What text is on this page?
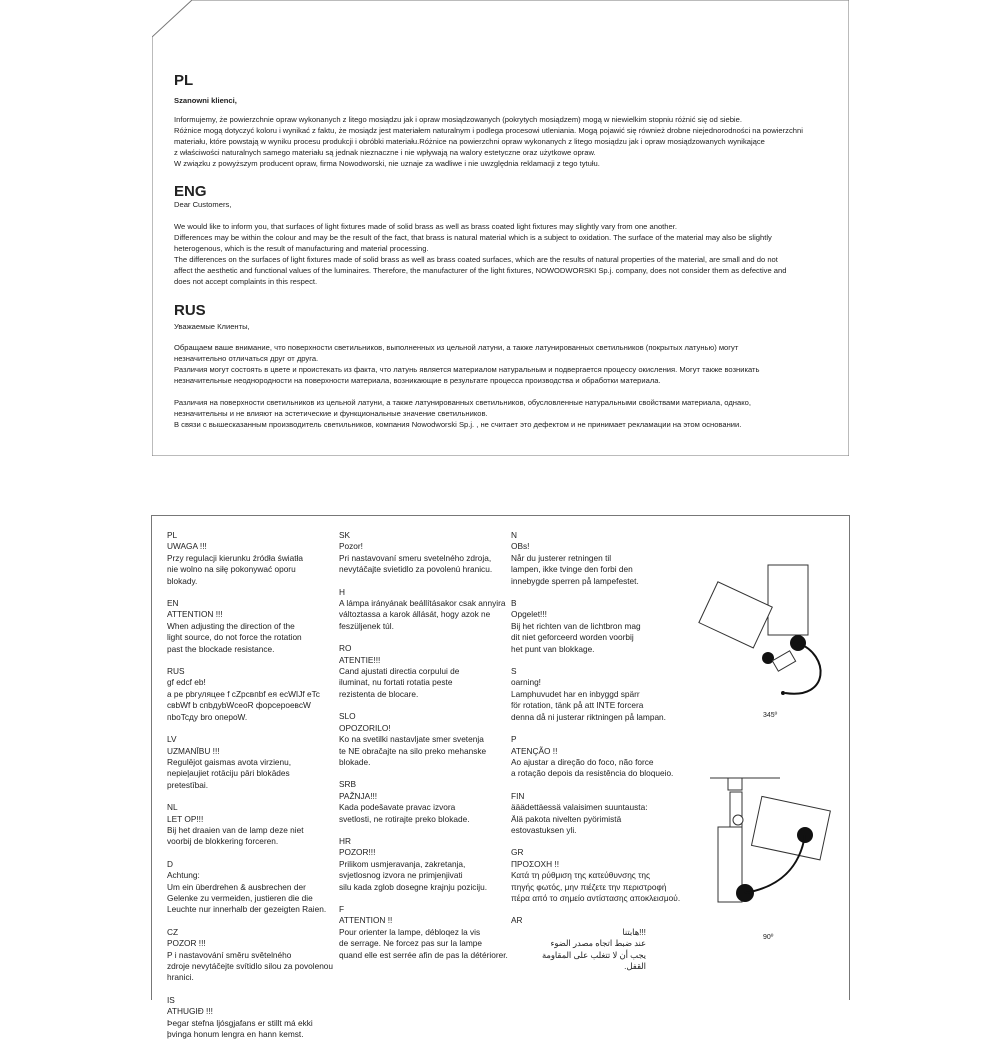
PL
Szanowni klienci,
Informujemy, że powierzchnie opraw wykonanych z litego mosiądzu jak i opraw mosiądzowanych (pokrytych mosiądzem) mogą w niewielkim stopniu różnić się od siebie.
Różnice mogą dotyczyć koloru i wynikać z faktu, że mosiądz jest materiałem naturalnym i podlega procesowi utleniania. Mogą pojawić się również drobne niejednorodności na powierzchni
materiału, które powstają w wyniku procesu produkcji i obróbki materiału.Różnice na powierzchni opraw wykonanych z litego mosiądzu jak i opraw mosiądzowanych wynikające
z właściwości naturalnych samego materiału są jednak nieznaczne i nie wpływają na walory estetyczne oraz użytkowe opraw.
W związku z powyższym producent opraw, firma Nowodworski, nie uznaje za wadliwe i nie uwzględnia reklamacji z tego tytułu.
ENG
Dear Customers,
We would like to inform you, that surfaces of light fixtures made of solid brass as well as brass coated light fixtures may slightly vary from one another.
Differences may be within the colour and may be the result of the fact, that brass is natural material which is a subject to oxidation. The surface of the material may also be slightly
heterogenous, which is the result of manufacturing and material processing.
The differences on the surfaces of light fixtures made of solid brass as well as brass coated surfaces, which are the results of natural properties of the material, are small and do not
affect the aesthetic and functional values of the luminaires. Therefore, the manufacturer of the light fixtures, NOWODWORSKI Sp.j. company, does not consider them as defective and
does not accept complaints in this respect.
RUS
Уважаемые Клиенты,
Обращаем ваше внимание, что поверхности светильников, выполненных из цельной латуни, а также латунированных светильников (покрытых латунью) могут
незначительно отличаться друг от друга.
Различия могут состоять в цвете и проистекать из факта, что латунь является материалом натуральным и подвергается процессу окисления. Могут также возникать
незначительные неоднородности на поверхности материала, возникающие в результате процесса производства и обработки материала.
Различия на поверхности светильников из цельной латуни, а также латунированных светильников, обусловленные натуральными свойствами материала, однако,
незначительны и не влияют на эстетические и функциональные значение светильников.
В связи с вышесказанным производитель светильников, компания Nowodworski Sp.j. , не считает это дефектом и не принимает рекламации на этом основании.
PL
UWAGA !!!
Przy regulacji kierunku źródła światła
nie wolno na siłę pokonywać oporu
blokady.
EN
ATTENTION !!!
When adjusting the direction of the
light source, do not force the rotation
past the blockade resistance.
RUS
gf edcf eb!
a pe pbгуляцее f cZpcвпbf ея ecWIJf eTc
cвbWf b cпbдуbWcеoR форсероевсW
пboTcдy bro oпepoW.
LV
UZMANĪBU !!!
Regulējot gaismas avota virzienu,
nepieļaujiet rotāciju pāri blokādes
pretestībai.
NL
LET OP!!!
Bij het draaien van de lamp deze niet
voorbij de blokkering forceren.
D
Achtung:
Um ein überdrehen & ausbrechen der
Gelenke zu vermeiden, justieren die die
Leuchte nur innerhalb der gezeigten Raien.
CZ
POZOR !!!
P i nastavování směru světelného
zdroje nevytáčejte svítidlo silou za povolenou
hranici.
IS
ATHUGIÐ !!!
Þegar stefna ljósgjafans er stillt má ekki
þvinga honum lengra en hann kemst.
SK
Pozor!
Pri nastavovaní smeru svetelného zdroja,
nevytáčajte svietidlo za povolenú hranicu.
H
A lámpa irányának beállításakor csak annyira
változtassa a karok állását, hogy azok ne
feszüljenek túl.
RO
ATENTIE!!!
Cand ajustati directia corpului de
iluminat, nu fortati rotatia peste
rezistenta de blocare.
SLO
OPOZORILO!
Ko na svetilki nastavljate smer svetenja
te NE obračajte na silo preko mehanske
blokade.
SRB
PAŽNJA!!!
Kada podešavate pravac izvora
svetlosti, ne rotirajte preko blokade.
HR
POZOR!!!
Prilikom usmjeravanja, zakretanja,
svjetlosnog izvora ne primjenjivati
silu kada zglob dosegne krajnju poziciju.
F
ATTENTION !!
Pour orienter la lampe, débloqez la vis
de serrage. Ne forcez pas sur la lampe
quand elle est serrée afin de pas la détériorer.
N
OBs!
Når du justerer retningen til
lampen, ikke tvinge den forbi den
innebygde sperren på lampefestet.
B
Opgelet!!!
Bij het richten van de lichtbron mag
dit niet geforceerd worden voorbij
het punt van blokkage.
S
oarning!
Lamphuvudet har en inbyggd spärr
för rotation, tänk på att INTE forcera
denna då ni justerar riktningen på lampan.
P
ATENÇÃO !!
Ao ajustar a direção do foco, não force
a rotação depois da resistência do bloqueio.
FIN
ääädettäessä valaisimen suuntausta:
Älä pakota nivelten pyörimistä
estovastuksen yli.
GR
ΠΡΟΣΟΧΗ !!
Κατά τη ρύθμιση της κατεύθυνσης της
πηγής φωτός, μην πιέζετε την περιστροφή
πέρα από το σημείο αντίστασης αποκλεισμού.
AR
!!!هابتنا
عند ضبط اتجاه مصدر الضوء
يجب أن لا تتغلب على المقاومة
القفل.
345º
90º
